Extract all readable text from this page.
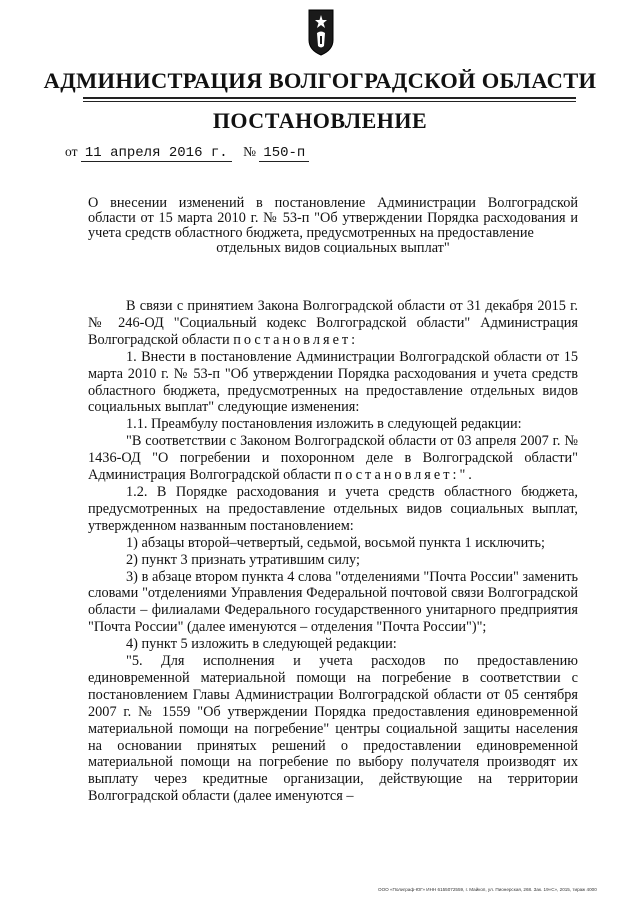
АДМИНИСТРАЦИЯ ВОЛГОГРАДСКОЙ ОБЛАСТИ
ПОСТАНОВЛЕНИЕ
от 11 апреля 2016 г. № 150-п
О внесении изменений в постановление Администрации Волгоградской области от 15 марта 2010 г. № 53-п "Об утверждении Порядка расходования и учета средств областного бюджета, предусмотренных на предоставление
отдельных видов социальных выплат"

В связи с принятием Закона Волгоградской области от 31 декабря 2015 г. № 246-ОД "Социальный кодекс Волгоградской области" Администрация Волгоградской области постановляет:

1. Внести в постановление Администрации Волгоградской области от 15 марта 2010 г. № 53-п "Об утверждении Порядка расходования и учета средств областного бюджета, предусмотренных на предоставление отдельных видов социальных выплат" следующие изменения:

1.1. Преамбулу постановления изложить в следующей редакции:

"В соответствии с Законом Волгоградской области от 03 апреля 2007 г. № 1436-ОД "О погребении и похоронном деле в Волгоградской области" Администрация Волгоградской области постановляет:".

1.2. В Порядке расходования и учета средств областного бюджета, предусмотренных на предоставление отдельных видов социальных выплат, утвержденном названным постановлением:

1) абзацы второй–четвертый, седьмой, восьмой пункта 1 исключить;

2) пункт 3 признать утратившим силу;

3) в абзаце втором пункта 4 слова "отделениями "Почта России" заменить словами "отделениями Управления Федеральной почтовой связи Волгоградской области – филиалами Федерального государственного унитарного предприятия "Почта России" (далее именуются – отделения "Почта России")";

4) пункт 5 изложить в следующей редакции:

"5. Для исполнения и учета расходов по предоставлению единовременной материальной помощи на погребение в соответствии с постановлением Главы Администрации Волгоградской области от 05 сентября 2007 г. № 1559 "Об утверждении Порядка предоставления единовременной материальной помощи на погребение" центры социальной защиты населения на основании принятых решений о предоставлении единовременной материальной помощи на погребение по выбору получателя производят их выплату через кредитные организации, действующие на территории Волгоградской области (далее именуются –

ООО «Полиграф-ЮГ» ИНН 6155072559, г. Майкоп, ул. Пионерская, 268. Зак. 19«С», 2015, тираж 4000
